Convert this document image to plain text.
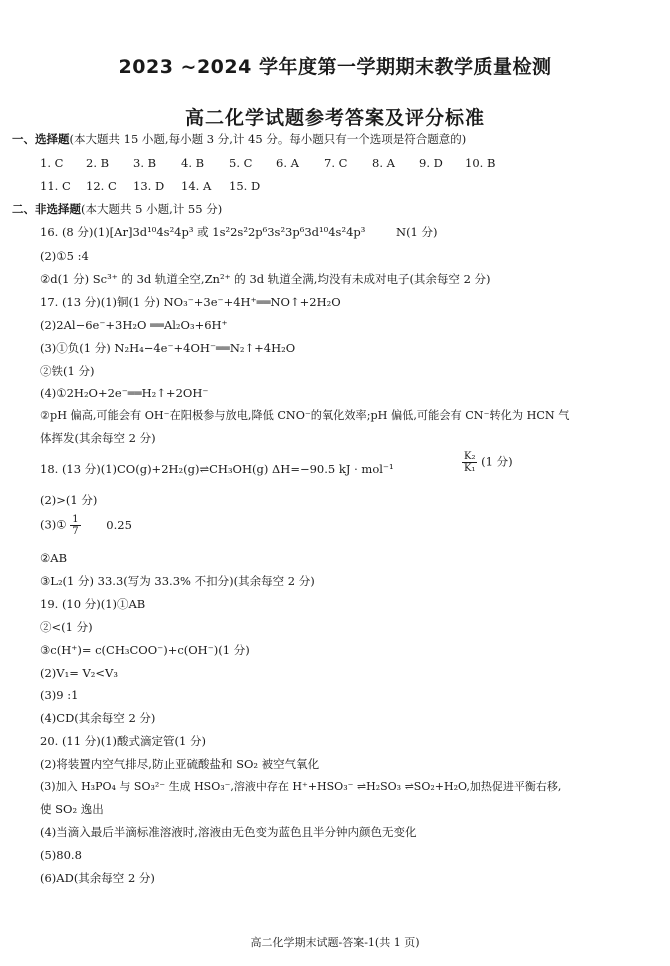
2023 ~2024 学年度第一学期期末教学质量检测
高二化学试题参考答案及评分标准
一、选择题(本大题共 15 小题,每小题 3 分,计 45 分。每小题只有一个选项是符合题意的)
1. C 2. B 3. B 4. B 5. C 6. A 7. C 8. A 9. D 10. B
11. C 12. C 13. D 14. A 15. D
二、非选择题(本大题共 5 小题,计 55 分)
16. (8 分)(1)[Ar]3d¹⁰4s²4p³ 或 1s²2s²2p⁶3s²3p⁶3d¹⁰4s²4p³	N(1 分)
(2)①5 :4
②d(1 分) Sc³⁺ 的 3d 轨道全空,Zn²⁺ 的 3d 轨道全满,均没有未成对电子(其余每空 2 分)
17. (13 分)(1)铜(1 分) NO₃⁻+3e⁻+4H⁺══NO↑+2H₂O
(2)2Al−6e⁻+3H₂O ══Al₂O₃+6H⁺
(3)①负(1 分) N₂H₄−4e⁻+4OH⁻══N₂↑+4H₂O
②铁(1 分)
(4)①2H₂O+2e⁻══H₂↑+2OH⁻
②pH 偏高,可能会有 OH⁻在阳极参与放电,降低 CNO⁻的氧化效率;pH 偏低,可能会有 CN⁻转化为 HCN 气
体挥发(其余每空 2 分)
18. (13 分)(1)CO(g)+2H₂(g)⇌CH₃OH(g) ΔH=−90.5 kJ · mol⁻¹	$\frac{\text{K₂}}{\text{K₁}} (1$ 分)
(2)>(1 分)
(3)① $\frac{1}{7} 0.25$
②AB
③L₂(1 分) 33.3(写为 33.3% 不扣分)(其余每空 2 分)
19. (10 分)(1)①AB
②<(1 分)
③c(H⁺)= c(CH₃COO⁻)+c(OH⁻)(1 分)
(2)V₁= V₂<V₃
(3)9 :1
(4)CD(其余每空 2 分)
20. (11 分)(1)酸式滴定管(1 分)
(2)将装置内空气排尽,防止亚硫酸盐和 SO₂ 被空气氧化
(3)加入 H₃PO₄ 与 SO₃²⁻ 生成 HSO₃⁻,溶液中存在 H⁺+HSO₃⁻ ⇌H₂SO₃ ⇌SO₂+H₂O,加热促进平衡右移,
使 SO₂ 逸出
(4)当滴入最后半滴标准溶液时,溶液由无色变为蓝色且半分钟内颜色无变化
(5)80.8
(6)AD(其余每空 2 分)
高二化学期末试题-答案-1(共 1 页)
